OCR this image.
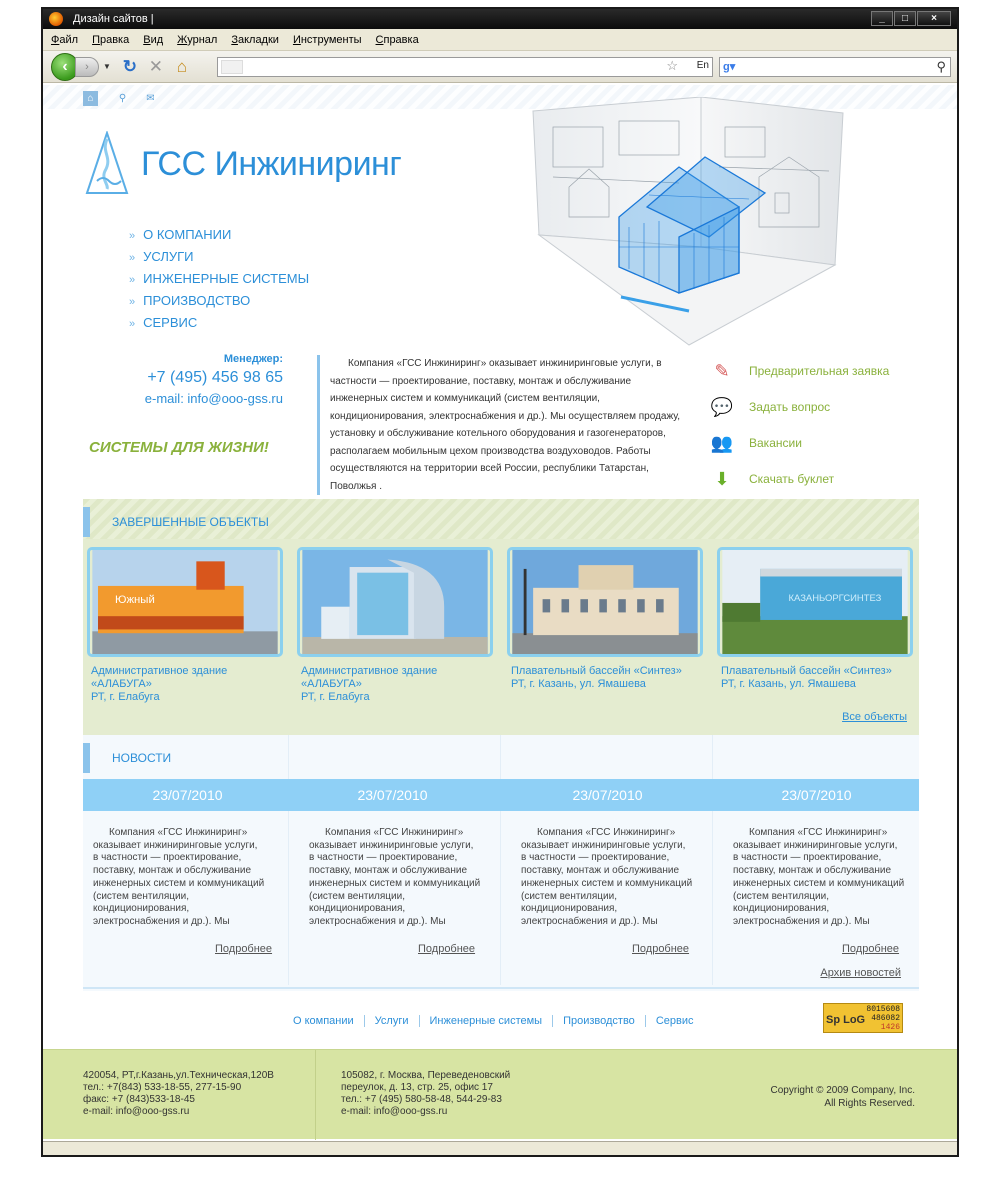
Дизайн сайтов |	_	□	×
Файл Правка Вид Журнал Закладки Инструменты Справка
‹	›	▼ ↻ ✕ ⌂	☆ En g▾	⚲
⌂	⚲	✉
ГСС Инжиниринг
» О КОМПАНИИ
» УСЛУГИ
» ИНЖЕНЕРНЫЕ СИСТЕМЫ
» ПРОИЗВОДСТВО
» СЕРВИС
Менеджер:
+7 (495) 456 98 65
e-mail: info@ooo-gss.ru
СИСТЕМЫ ДЛЯ ЖИЗНИ!
Компания «ГСС Инжиниринг» оказывает инжиниринговые услуги, в частности — проектирование, поставку, монтаж и обслуживание инженерных систем и коммуникаций (систем вентиляции, кондиционирования, электроснабжения и др.). Мы осуществляем продажу, установку и обслуживание котельного оборудования и газогенераторов, располагаем мобильным цехом производства воздуховодов. Работы осуществляются на территории всей России, республики Татарстан, Поволжья .
✎	Предварительная заявка
💬	Задать вопрос
👥	Вакансии
⬇	Скачать буклет
ЗАВЕРШЕННЫЕ ОБЪЕКТЫ
Южный
Административное здание «АЛАБУГА»
РТ, г. Елабуга
Административное здание «АЛАБУГА»
РТ, г. Елабуга
Плавательный бассейн «Синтез»
РТ, г. Казань, ул. Ямашева
КАЗАНЬОРГСИНТЕЗ
Плавательный бассейн «Синтез»
РТ, г. Казань, ул. Ямашева
Все объекты
НОВОСТИ
23/07/2010	23/07/2010	23/07/2010	23/07/2010
Компания «ГСС Инжиниринг» оказывает инжиниринговые услуги, в частности — проектирование, поставку, монтаж и обслуживание инженерных систем и коммуникаций (систем вентиляции, кондиционирования, электроснабжения и др.). Мы
Компания «ГСС Инжиниринг» оказывает инжиниринговые услуги, в частности — проектирование, поставку, монтаж и обслуживание инженерных систем и коммуникаций (систем вентиляции, кондиционирования, электроснабжения и др.). Мы
Компания «ГСС Инжиниринг» оказывает инжиниринговые услуги, в частности — проектирование, поставку, монтаж и обслуживание инженерных систем и коммуникаций (систем вентиляции, кондиционирования, электроснабжения и др.). Мы
Компания «ГСС Инжиниринг» оказывает инжиниринговые услуги, в частности — проектирование, поставку, монтаж и обслуживание инженерных систем и коммуникаций (систем вентиляции, кондиционирования, электроснабжения и др.). Мы
Подробнее	Подробнее	Подробнее	Подробнее
Архив новостей
О компании	Услуги	Инженерные системы	Производство	Сервис	Sp LoG
8015608
486082
1426
420054, РТ,г.Казань,ул.Техническая,120В
тел.: +7(843) 533-18-55, 277-15-90
факс: +7 (843)533-18-45
e-mail: info@ooo-gss.ru
105082, г. Москва, Переведеновский
переулок, д. 13, стр. 25, офис 17
тел.: +7 (495) 580-58-48, 544-29-83
e-mail: info@ooo-gss.ru
Copyright © 2009 Company, Inc.
All Rights Reserved.
